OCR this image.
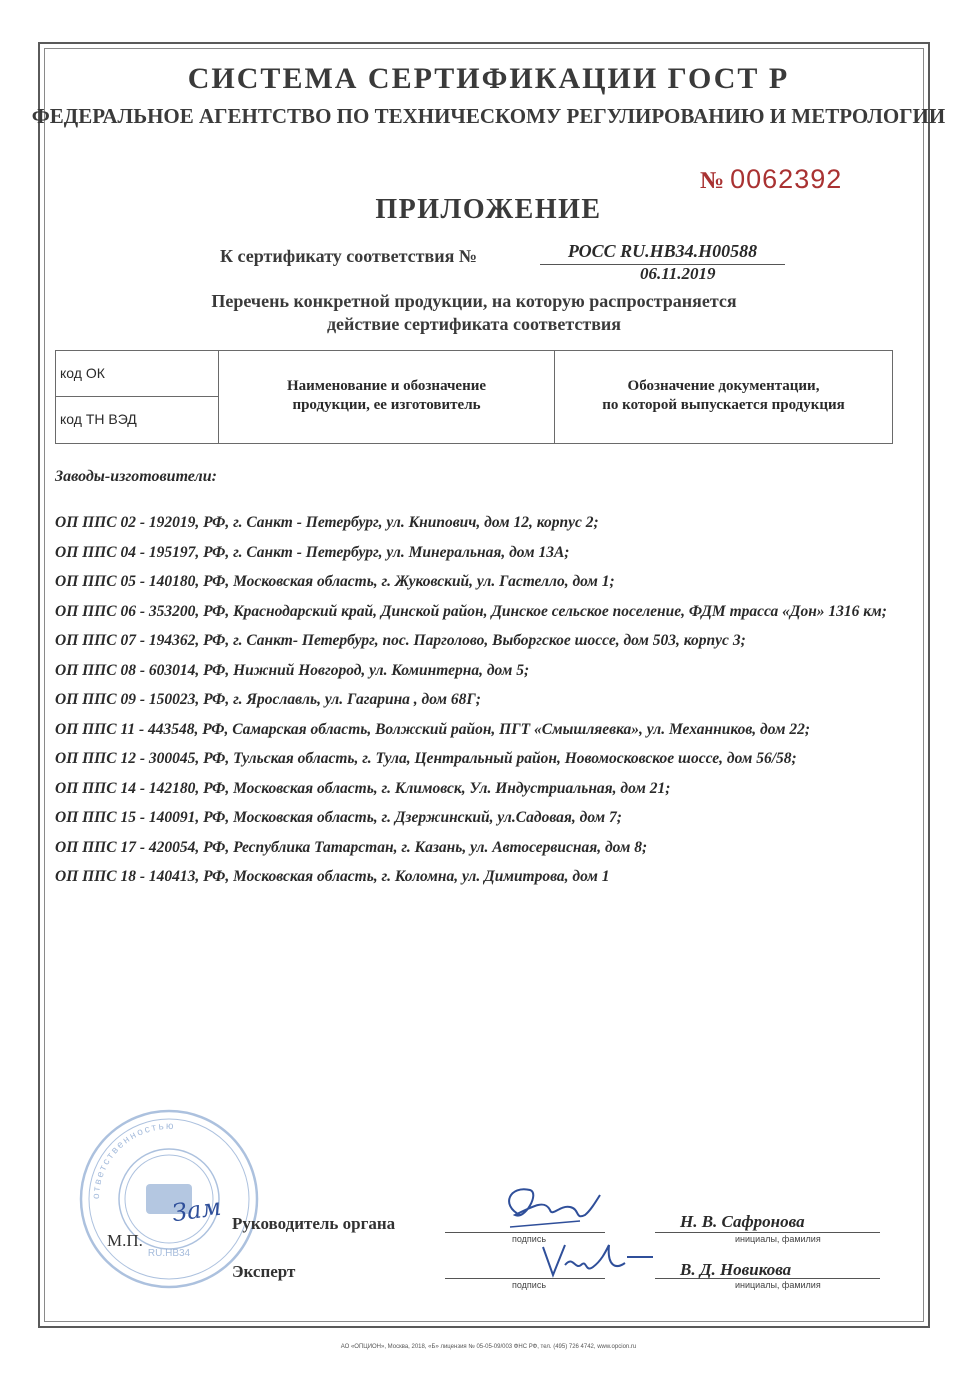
СИСТЕМА СЕРТИФИКАЦИИ ГОСТ Р
ФЕДЕРАЛЬНОЕ АГЕНТСТВО ПО ТЕХНИЧЕСКОМУ РЕГУЛИРОВАНИЮ И МЕТРОЛОГИИ
№ 0062392
ПРИЛОЖЕНИЕ
К сертификату соответствия №	РОСС RU.HB34.H00588
06.11.2019
Перечень конкретной продукции, на которую распространяется
действие сертификата соответствия
код ОК
код ТН ВЭД
Наименование и обозначение
продукции, ее изготовитель
Обозначение документации,
по которой выпускается продукция
Заводы-изготовители:
ОП ППС 02 - 192019, РФ, г. Санкт - Петербург, ул. Книпович, дом 12, корпус 2;
ОП ППС 04 - 195197, РФ, г. Санкт - Петербург, ул. Минеральная, дом 13А;
ОП ППС 05 - 140180, РФ, Московская область, г. Жуковский, ул. Гастелло, дом 1;
ОП ППС 06 - 353200, РФ, Краснодарский край, Динской район, Динское сельское поселение, ФДМ трасса «Дон» 1316 км;
ОП ППС 07 - 194362, РФ, г. Санкт- Петербург, пос. Парголово, Выборгское шоссе, дом 503, корпус 3;
ОП ППС 08 - 603014, РФ, Нижний Новгород, ул. Коминтерна, дом 5;
ОП ППС 09 - 150023, РФ, г. Ярославль, ул. Гагарина , дом 68Г;
ОП ППС 11 - 443548, РФ, Самарская область, Волжский район, ПГТ «Смышляевка», ул. Механников, дом 22;
ОП ППС 12 - 300045, РФ, Тульская область, г. Тула, Центральный район, Новомосковское шоссе, дом 56/58;
ОП ППС 14 - 142180, РФ, Московская область, г. Климовск, Ул. Индустриальная, дом 21;
ОП ППС 15 - 140091, РФ, Московская область, г. Дзержинский, ул.Садовая, дом 7;
ОП ППС 17 - 420054, РФ, Республика Татарстан, г. Казань, ул. Автосервисная, дом 8;
ОП ППС 18 - 140413, РФ, Московская область, г. Коломна, ул. Димитрова, дом 1
ответственностью
RU.HB34
М.П.
Зам Руководитель органа
подпись
Н. В. Сафронова
инициалы, фамилия
Эксперт
подпись
В. Д. Новикова
инициалы, фамилия
АО «ОПЦИОН», Москва, 2018, «Б» лицензия № 05-05-09/003 ФНС РФ, тел. (495) 726 4742, www.opcion.ru
